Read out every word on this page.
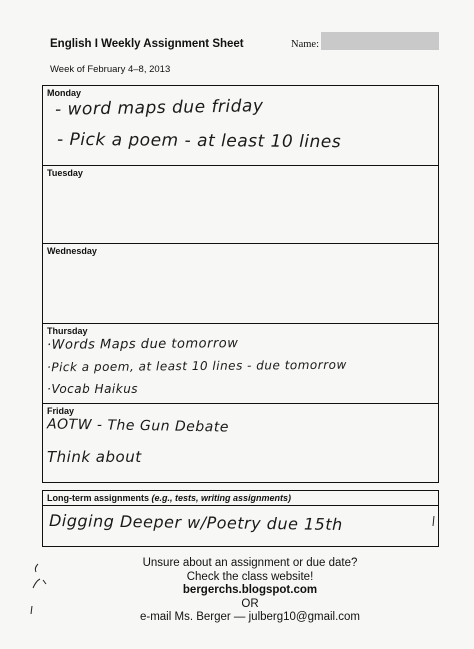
English I Weekly Assignment Sheet	Name:
Week of February 4–8, 2013
Monday
- word maps due friday
- Pick a poem - at least 10 lines
Tuesday
Wednesday
Thursday
·Words Maps due tomorrow
·Pick a poem, at least 10 lines - due tomorrow
·Vocab Haikus
Friday
AOTW - The Gun Debate
Think about
Long-term assignments (e.g., tests, writing assignments)
Digging Deeper w/Poetry due 15th
Unsure about an assignment or due date?
Check the class website!
bergerchs.blogspot.com
OR
e-mail Ms. Berger — julberg10@gmail.com
